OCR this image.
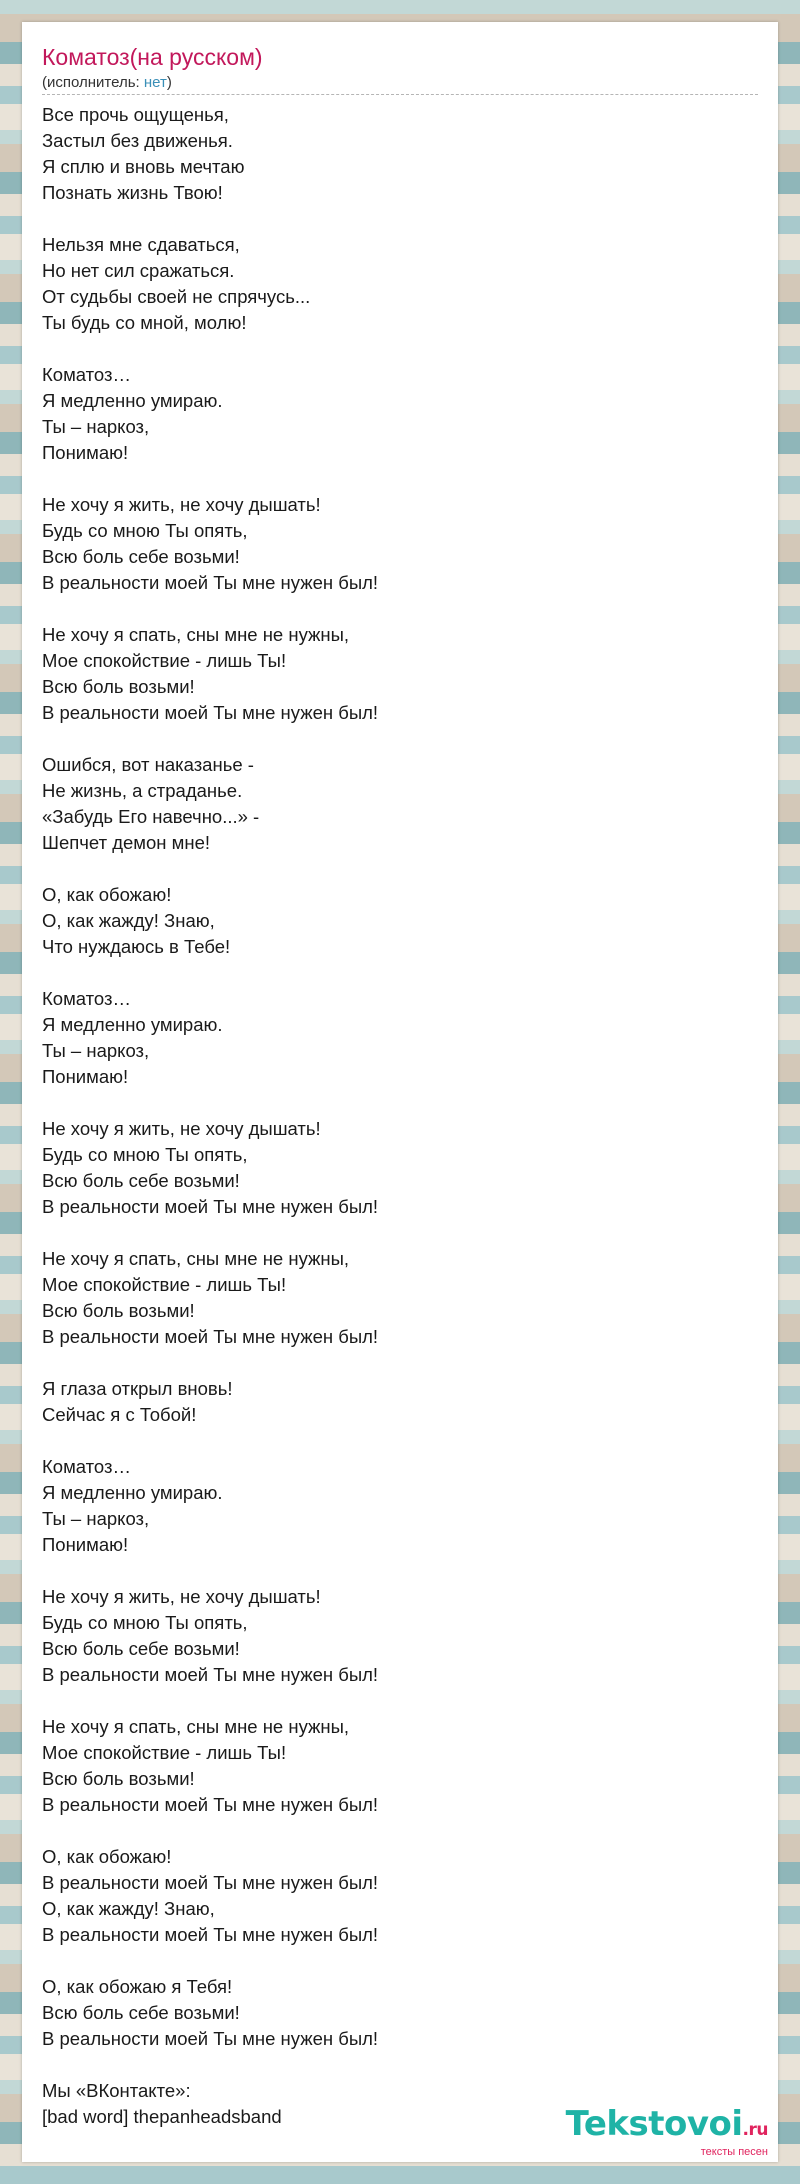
Коматоз(на русском)
(исполнитель: нет)
Все прочь ощущенья,
Застыл без движенья.
Я сплю и вновь мечтаю
Познать жизнь Твою!
Нельзя мне сдаваться,
Но нет сил сражаться.
От судьбы своей не спрячусь...
Ты будь со мной, молю!
Коматоз…
Я медленно умираю.
Ты – наркоз,
Понимаю!
Не хочу я жить, не хочу дышать!
Будь со мною Ты опять,
Всю боль себе возьми!
В реальности моей Ты мне нужен был!
Не хочу я спать, сны мне не нужны,
Мое спокойствие - лишь Ты!
Всю боль возьми!
В реальности моей Ты мне нужен был!
Ошибся, вот наказанье -
Не жизнь, а страданье.
«Забудь Его навечно...» -
Шепчет демон мне!
О, как обожаю!
О, как жажду! Знаю,
Что нуждаюсь в Тебе!
Коматоз…
Я медленно умираю.
Ты – наркоз,
Понимаю!
Не хочу я жить, не хочу дышать!
Будь со мною Ты опять,
Всю боль себе возьми!
В реальности моей Ты мне нужен был!
Не хочу я спать, сны мне не нужны,
Мое спокойствие - лишь Ты!
Всю боль возьми!
В реальности моей Ты мне нужен был!
Я глаза открыл вновь!
Сейчас я с Тобой!
Коматоз…
Я медленно умираю.
Ты – наркоз,
Понимаю!
Не хочу я жить, не хочу дышать!
Будь со мною Ты опять,
Всю боль себе возьми!
В реальности моей Ты мне нужен был!
Не хочу я спать, сны мне не нужны,
Мое спокойствие - лишь Ты!
Всю боль возьми!
В реальности моей Ты мне нужен был!
О, как обожаю!
В реальности моей Ты мне нужен был!
О, как жажду! Знаю,
В реальности моей Ты мне нужен был!
О, как обожаю я Тебя!
Всю боль себе возьми!
В реальности моей Ты мне нужен был!
Мы «ВКонтакте»:
[bad word] thepanheadsband	Tekstovoi.ru
тексты песен
